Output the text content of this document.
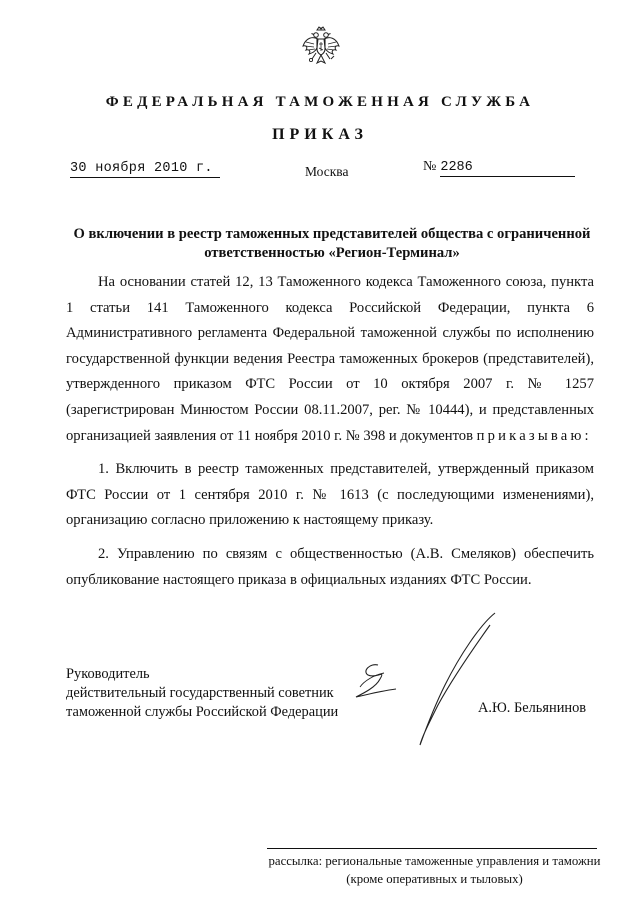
ФЕДЕРАЛЬНАЯ ТАМОЖЕННАЯ СЛУЖБА
ПРИКАЗ
30 ноября 2010 г.	Москва	№ 2286
О включении в реестр таможенных представителей общества с ограниченной ответственностью «Регион-Терминал»

На основании статей 12, 13 Таможенного кодекса Таможенного союза, пункта 1 статьи 141 Таможенного кодекса Российской Федерации, пункта 6 Административного регламента Федеральной таможенной службы по исполнению государственной функции ведения Реестра таможенных брокеров (представителей), утвержденного приказом ФТС России от 10 октября 2007 г. № 1257 (зарегистрирован Минюстом России 08.11.2007, рег. № 10444), и представленных организацией заявления от 11 ноября 2010 г. № 398 и документов приказываю:

1. Включить в реестр таможенных представителей, утвержденный приказом ФТС России от 1 сентября 2010 г. № 1613 (с последующими изменениями), организацию согласно приложению к настоящему приказу.

2. Управлению по связям с общественностью (А.В. Смеляков) обеспечить опубликование настоящего приказа в официальных изданиях ФТС России.

Руководитель
действительный государственный советник
таможенной службы Российской Федерации	А.Ю. Бельянинов
рассылка: региональные таможенные управления и таможни
(кроме оперативных и тыловых)
